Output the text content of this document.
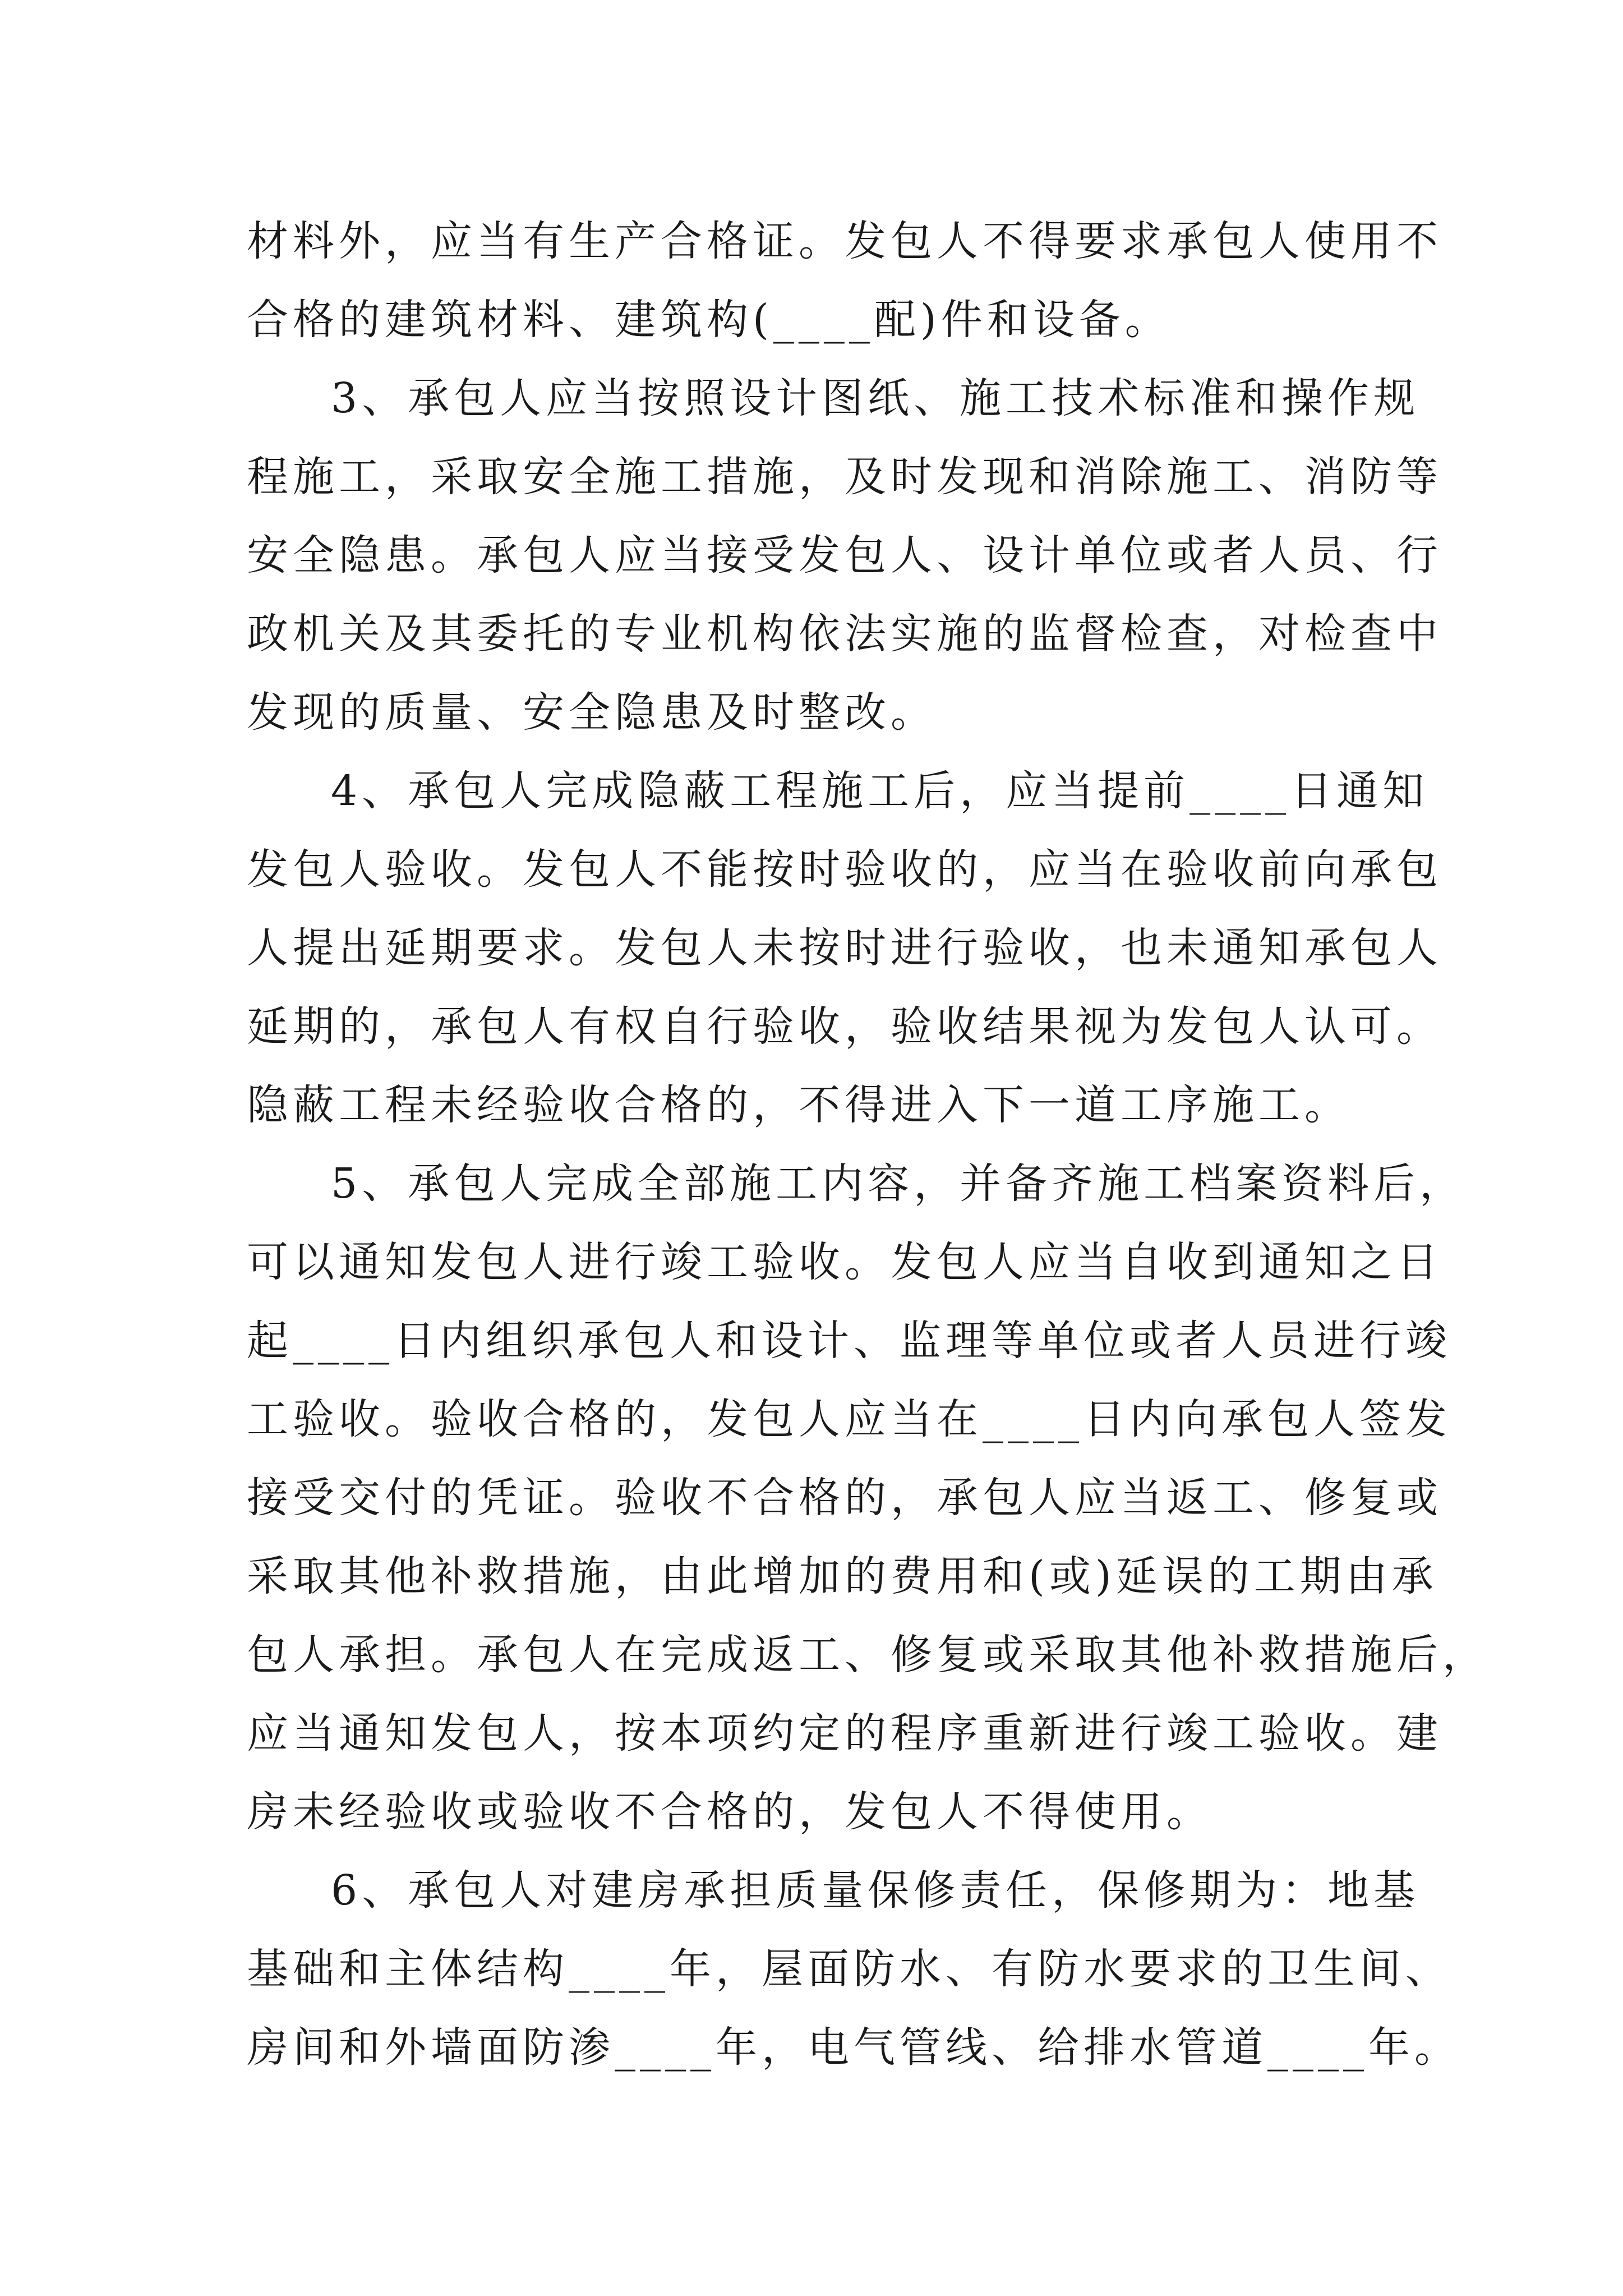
材料外，应当有生产合格证。发包人不得要求承包人使用不
合格的建筑材料、建筑构(____配)件和设备。

3、承包人应当按照设计图纸、施工技术标准和操作规
程施工，采取安全施工措施，及时发现和消除施工、消防等
安全隐患。承包人应当接受发包人、设计单位或者人员、行
政机关及其委托的专业机构依法实施的监督检查，对检查中
发现的质量、安全隐患及时整改。

4、承包人完成隐蔽工程施工后，应当提前____日通知
发包人验收。发包人不能按时验收的，应当在验收前向承包
人提出延期要求。发包人未按时进行验收，也未通知承包人
延期的，承包人有权自行验收，验收结果视为发包人认可。
隐蔽工程未经验收合格的，不得进入下一道工序施工。

5、承包人完成全部施工内容，并备齐施工档案资料后，
可以通知发包人进行竣工验收。发包人应当自收到通知之日
起____日内组织承包人和设计、监理等单位或者人员进行竣
工验收。验收合格的，发包人应当在____日内向承包人签发
接受交付的凭证。验收不合格的，承包人应当返工、修复或
采取其他补救措施，由此增加的费用和(或)延误的工期由承
包人承担。承包人在完成返工、修复或采取其他补救措施后，
应当通知发包人，按本项约定的程序重新进行竣工验收。建
房未经验收或验收不合格的，发包人不得使用。

6、承包人对建房承担质量保修责任，保修期为：地基
基础和主体结构____年，屋面防水、有防水要求的卫生间、
房间和外墙面防渗____年，电气管线、给排水管道____年。
